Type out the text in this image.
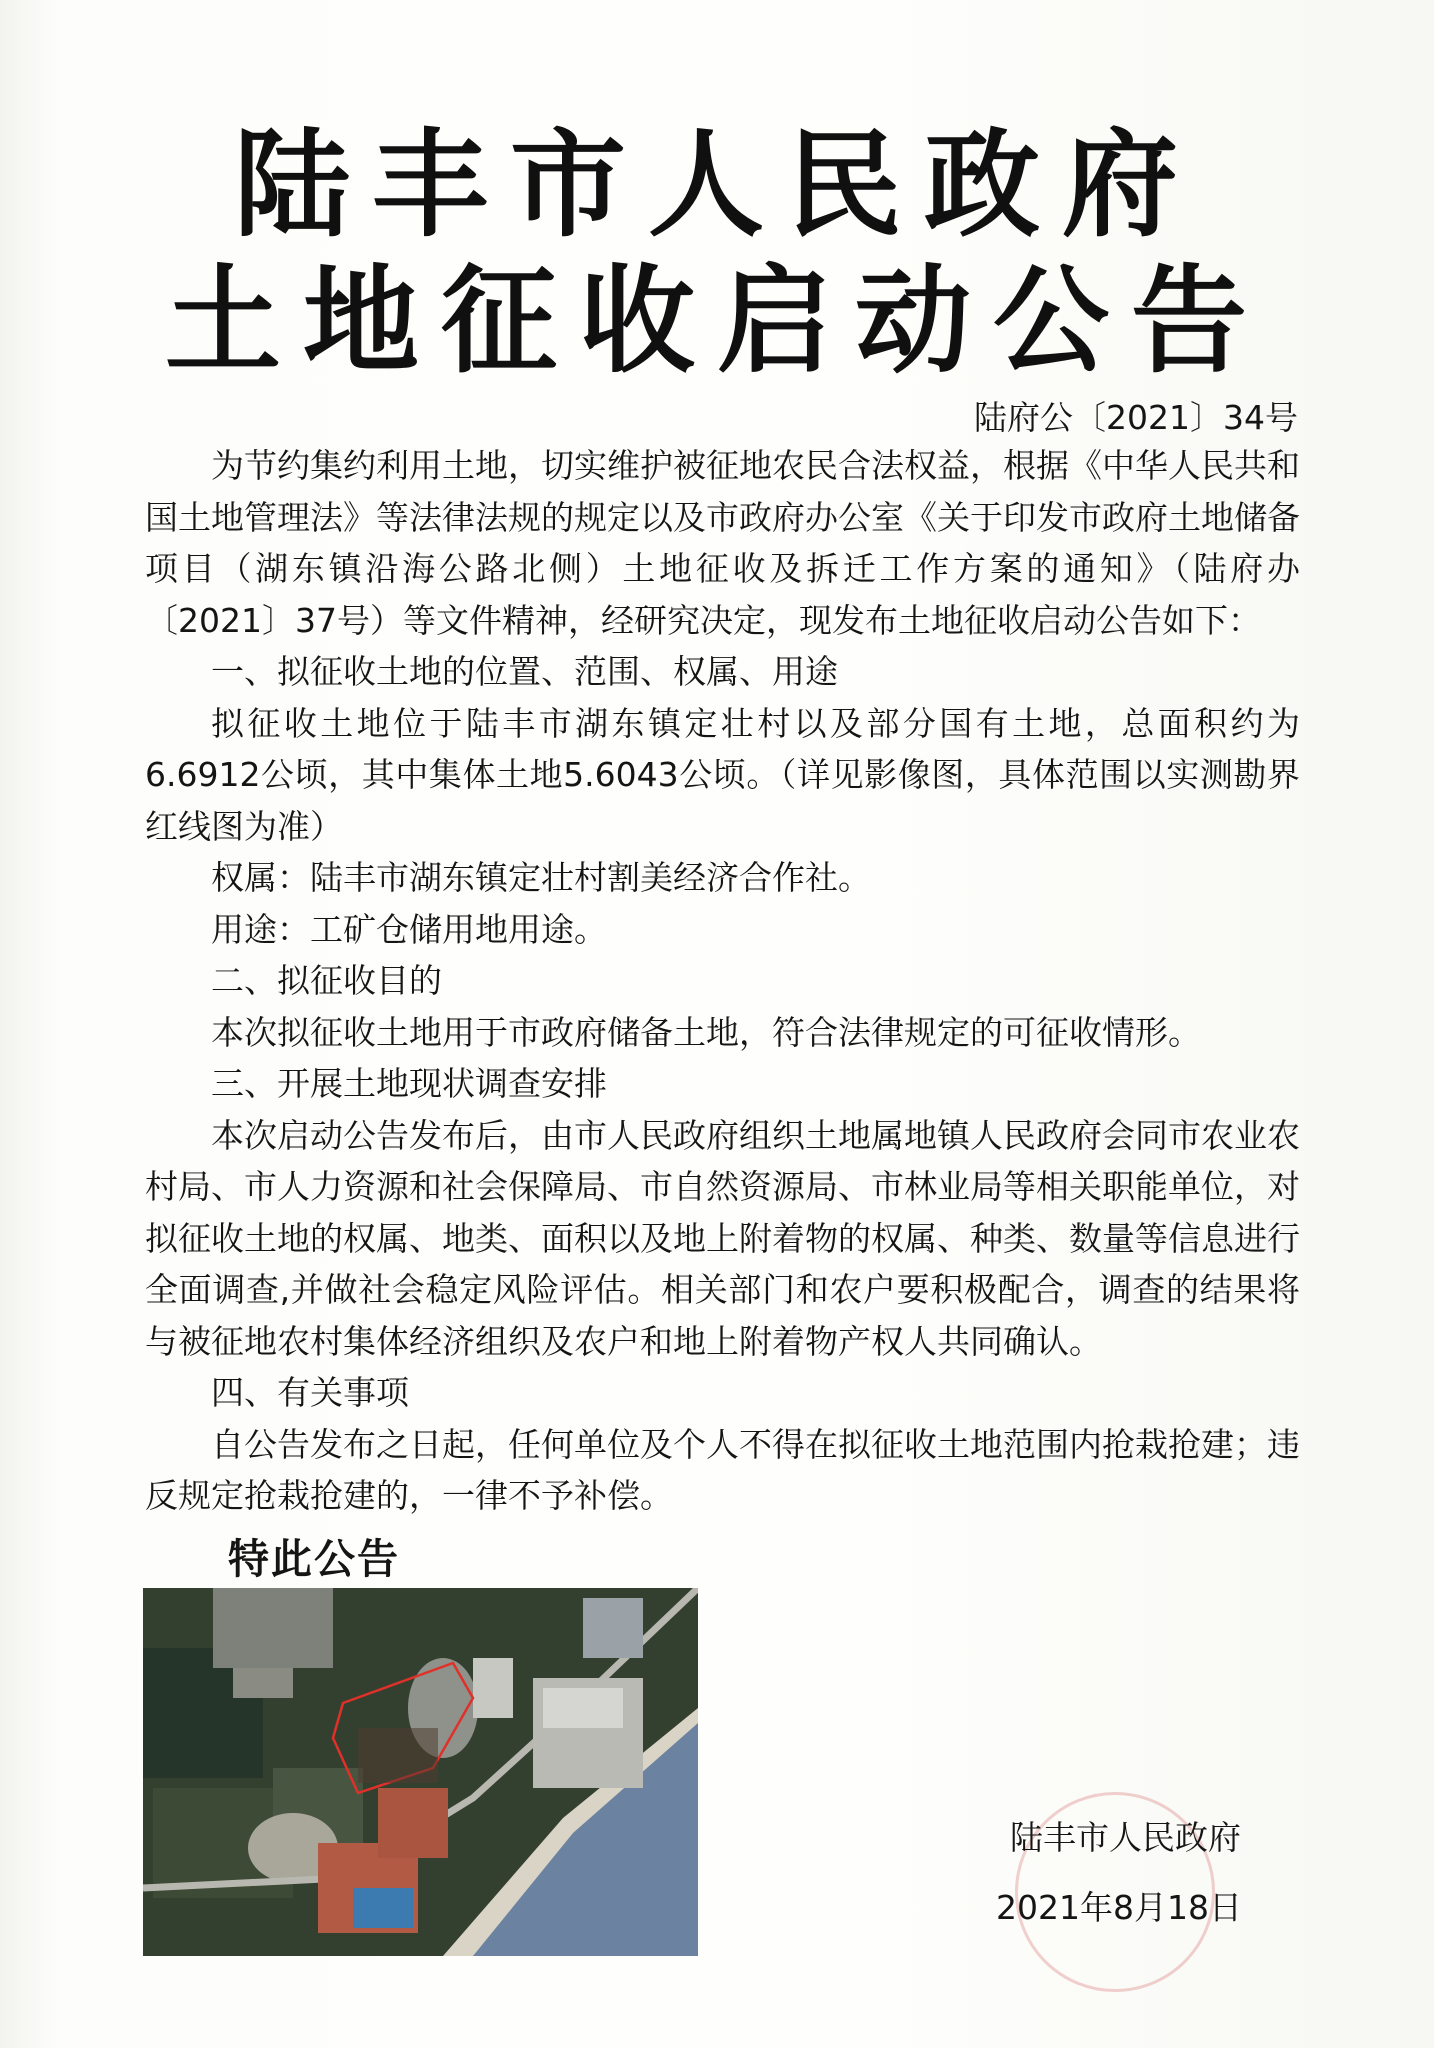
陆丰市人民政府
土地征收启动公告
陆府公〔2021〕34号

为节约集约利用土地，切实维护被征地农民合法权益，根据《中华人民共和国土地管理法》等法律法规的规定以及市政府办公室《关于印发市政府土地储备项目（湖东镇沿海公路北侧）土地征收及拆迁工作方案的通知》（陆府办〔2021〕37号）等文件精神，经研究决定，现发布土地征收启动公告如下：

一、拟征收土地的位置、范围、权属、用途

拟征收土地位于陆丰市湖东镇定壮村以及部分国有土地，总面积约为6.6912公顷，其中集体土地5.6043公顷。（详见影像图，具体范围以实测勘界红线图为准）

权属：陆丰市湖东镇定壮村割美经济合作社。

用途：工矿仓储用地用途。

二、拟征收目的

本次拟征收土地用于市政府储备土地，符合法律规定的可征收情形。

三、开展土地现状调查安排

本次启动公告发布后，由市人民政府组织土地属地镇人民政府会同市农业农村局、市人力资源和社会保障局、市自然资源局、市林业局等相关职能单位，对拟征收土地的权属、地类、面积以及地上附着物的权属、种类、数量等信息进行全面调查,并做社会稳定风险评估。相关部门和农户要积极配合，调查的结果将与被征地农村集体经济组织及农户和地上附着物产权人共同确认。

四、有关事项

自公告发布之日起，任何单位及个人不得在拟征收土地范围内抢栽抢建；违反规定抢栽抢建的，一律不予补偿。

特此公告
陆丰市人民政府
2021年8月18日
